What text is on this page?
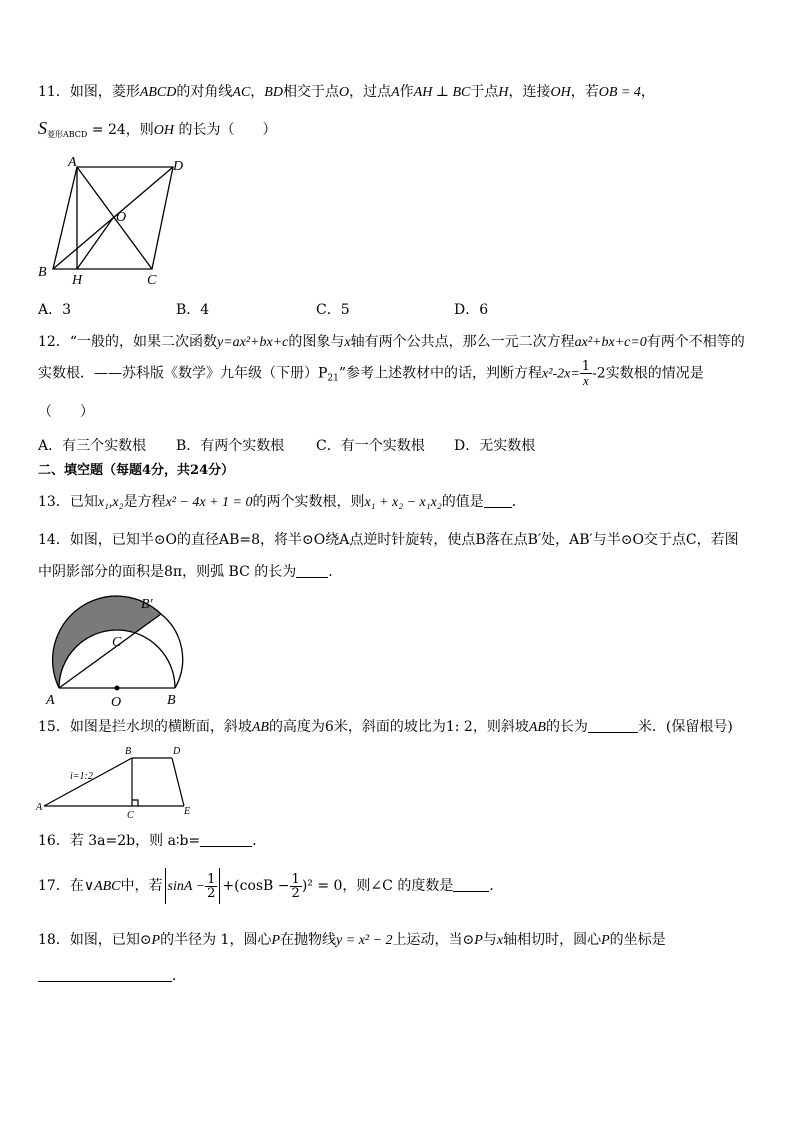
11．如图，菱形ABCD的对角线AC，BD相交于点O，过点A作AH ⊥ BC于点H，连接OH，若OB = 4，
$S_{菱形ABCD} = 24$，则OH 的长为（　　）
A	D
O
B
H	C
A．3	B．4	C．5	D．6
12．“一般的，如果二次函数y=ax²+bx+c的图象与x轴有两个公共点，那么一元二次方程ax²+bx+c=0有两个不相等的
实数根．——苏科版《数学》九年级（下册）$P_{21}$”参考上述教材中的话，判断方程$x^2-2x= \frac{1}{x} -2$实数根的情况是
（　　）
A．有三个实数根 B．有两个实数根 C．有一个实数根 D．无实数根
二、填空题（每题4分，共24分）
13．已知x₁,x₂是方程x² − 4x + 1 = 0的两个实数根，则x₁ + x₂ − x₁x₂的值是 ．
14．如图，已知半⊙O的直径AB=8，将半⊙O绕A点逆时针旋转，使点B落在点B′处，AB′与半⊙O交于点C，若图
中阴影部分的面积是8π，则弧 BC 的长为 ．
B′
C
A	O	B
15．如图是拦水坝的横断面，斜坡AB的高度为6米，斜面的坡比为1: 2，则斜坡AB的长为	米．(保留根号)
i=1:2
A
B	D
C	E
16．若 3a=2b，则 a∶b=	．
17．在∨ABC中，若 $\sin A - \frac{1}{2} +(\cos B - \frac{1}{2} )^2 = 0$，则∠C 的度数是	．
18．如图，已知⊙P的半径为 1，圆心P在抛物线y = x² − 2上运动，当⊙P与x轴相切时，圆心P的坐标是
．
